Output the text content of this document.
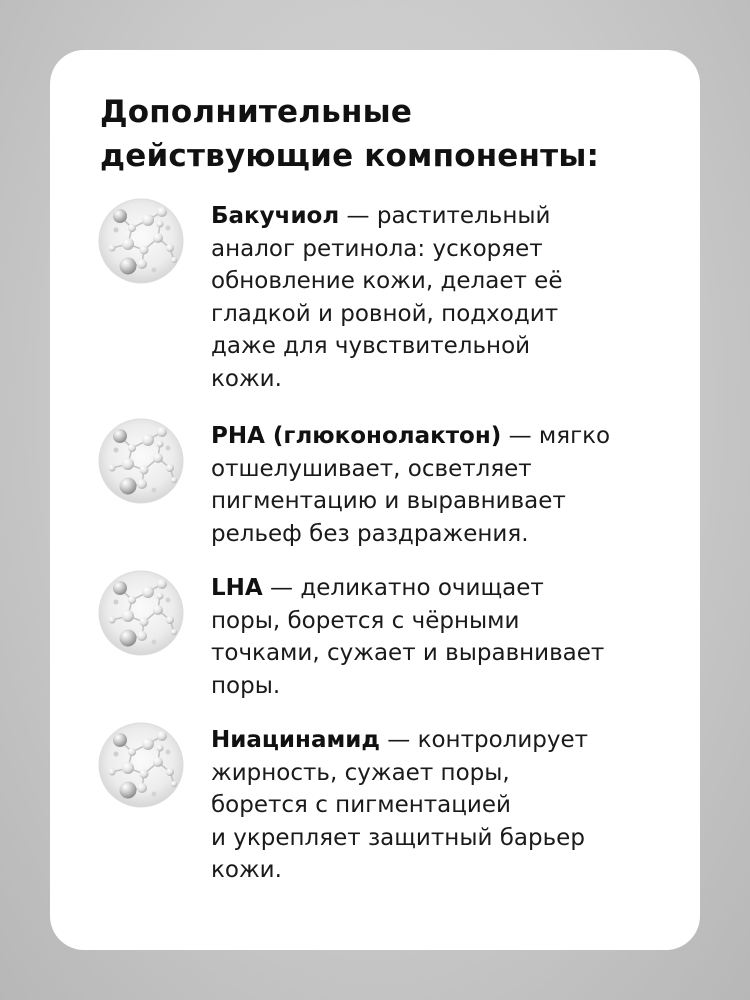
Дополнительные
действующие компоненты:
Бакучиол — растительный
аналог ретинола: ускоряет
обновление кожи, делает её
гладкой и ровной, подходит
даже для чувствительной
кожи.
PHA (глюконолактон) — мягко
отшелушивает, осветляет
пигментацию и выравнивает
рельеф без раздражения.
LHA — деликатно очищает
поры, борется с чёрными
точками, сужает и выравнивает
поры.
Ниацинамид — контролирует
жирность, сужает поры,
борется с пигментацией
и укрепляет защитный барьер
кожи.
